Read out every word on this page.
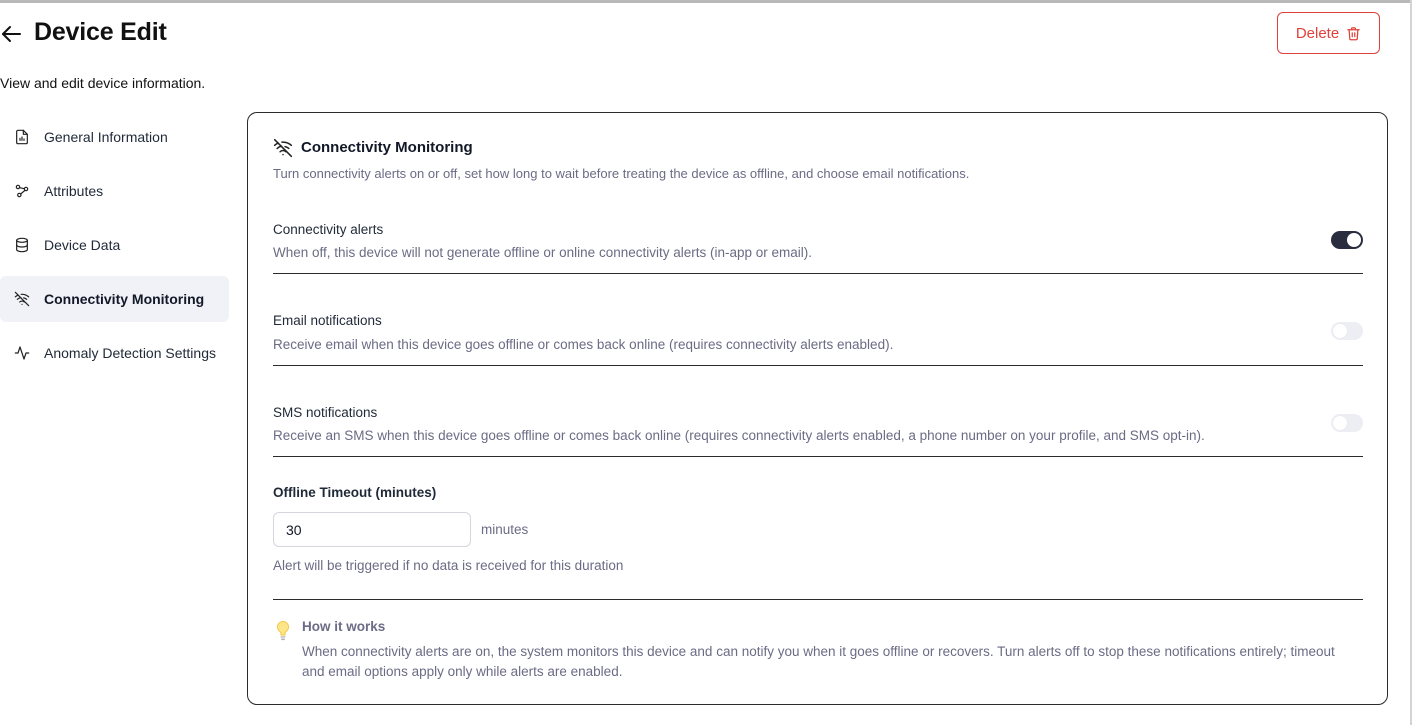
Device Edit
View and edit device information.
Delete
General Information
Attributes
Device Data
Connectivity Monitoring
Anomaly Detection Settings
Connectivity Monitoring

Turn connectivity alerts on or off, set how long to wait before treating the device as offline, and choose email notifications.

Connectivity alerts
When off, this device will not generate offline or online connectivity alerts (in-app or email).
Email notifications
Receive email when this device goes offline or comes back online (requires connectivity alerts enabled).
SMS notifications
Receive an SMS when this device goes offline or comes back online (requires connectivity alerts enabled, a phone number on your profile, and SMS opt-in).
Offline Timeout (minutes)
30
minutes

Alert will be triggered if no data is received for this duration

How it works

When connectivity alerts are on, the system monitors this device and can notify you when it goes offline or recovers. Turn alerts off to stop these notifications entirely; timeout and email options apply only while alerts are enabled.
